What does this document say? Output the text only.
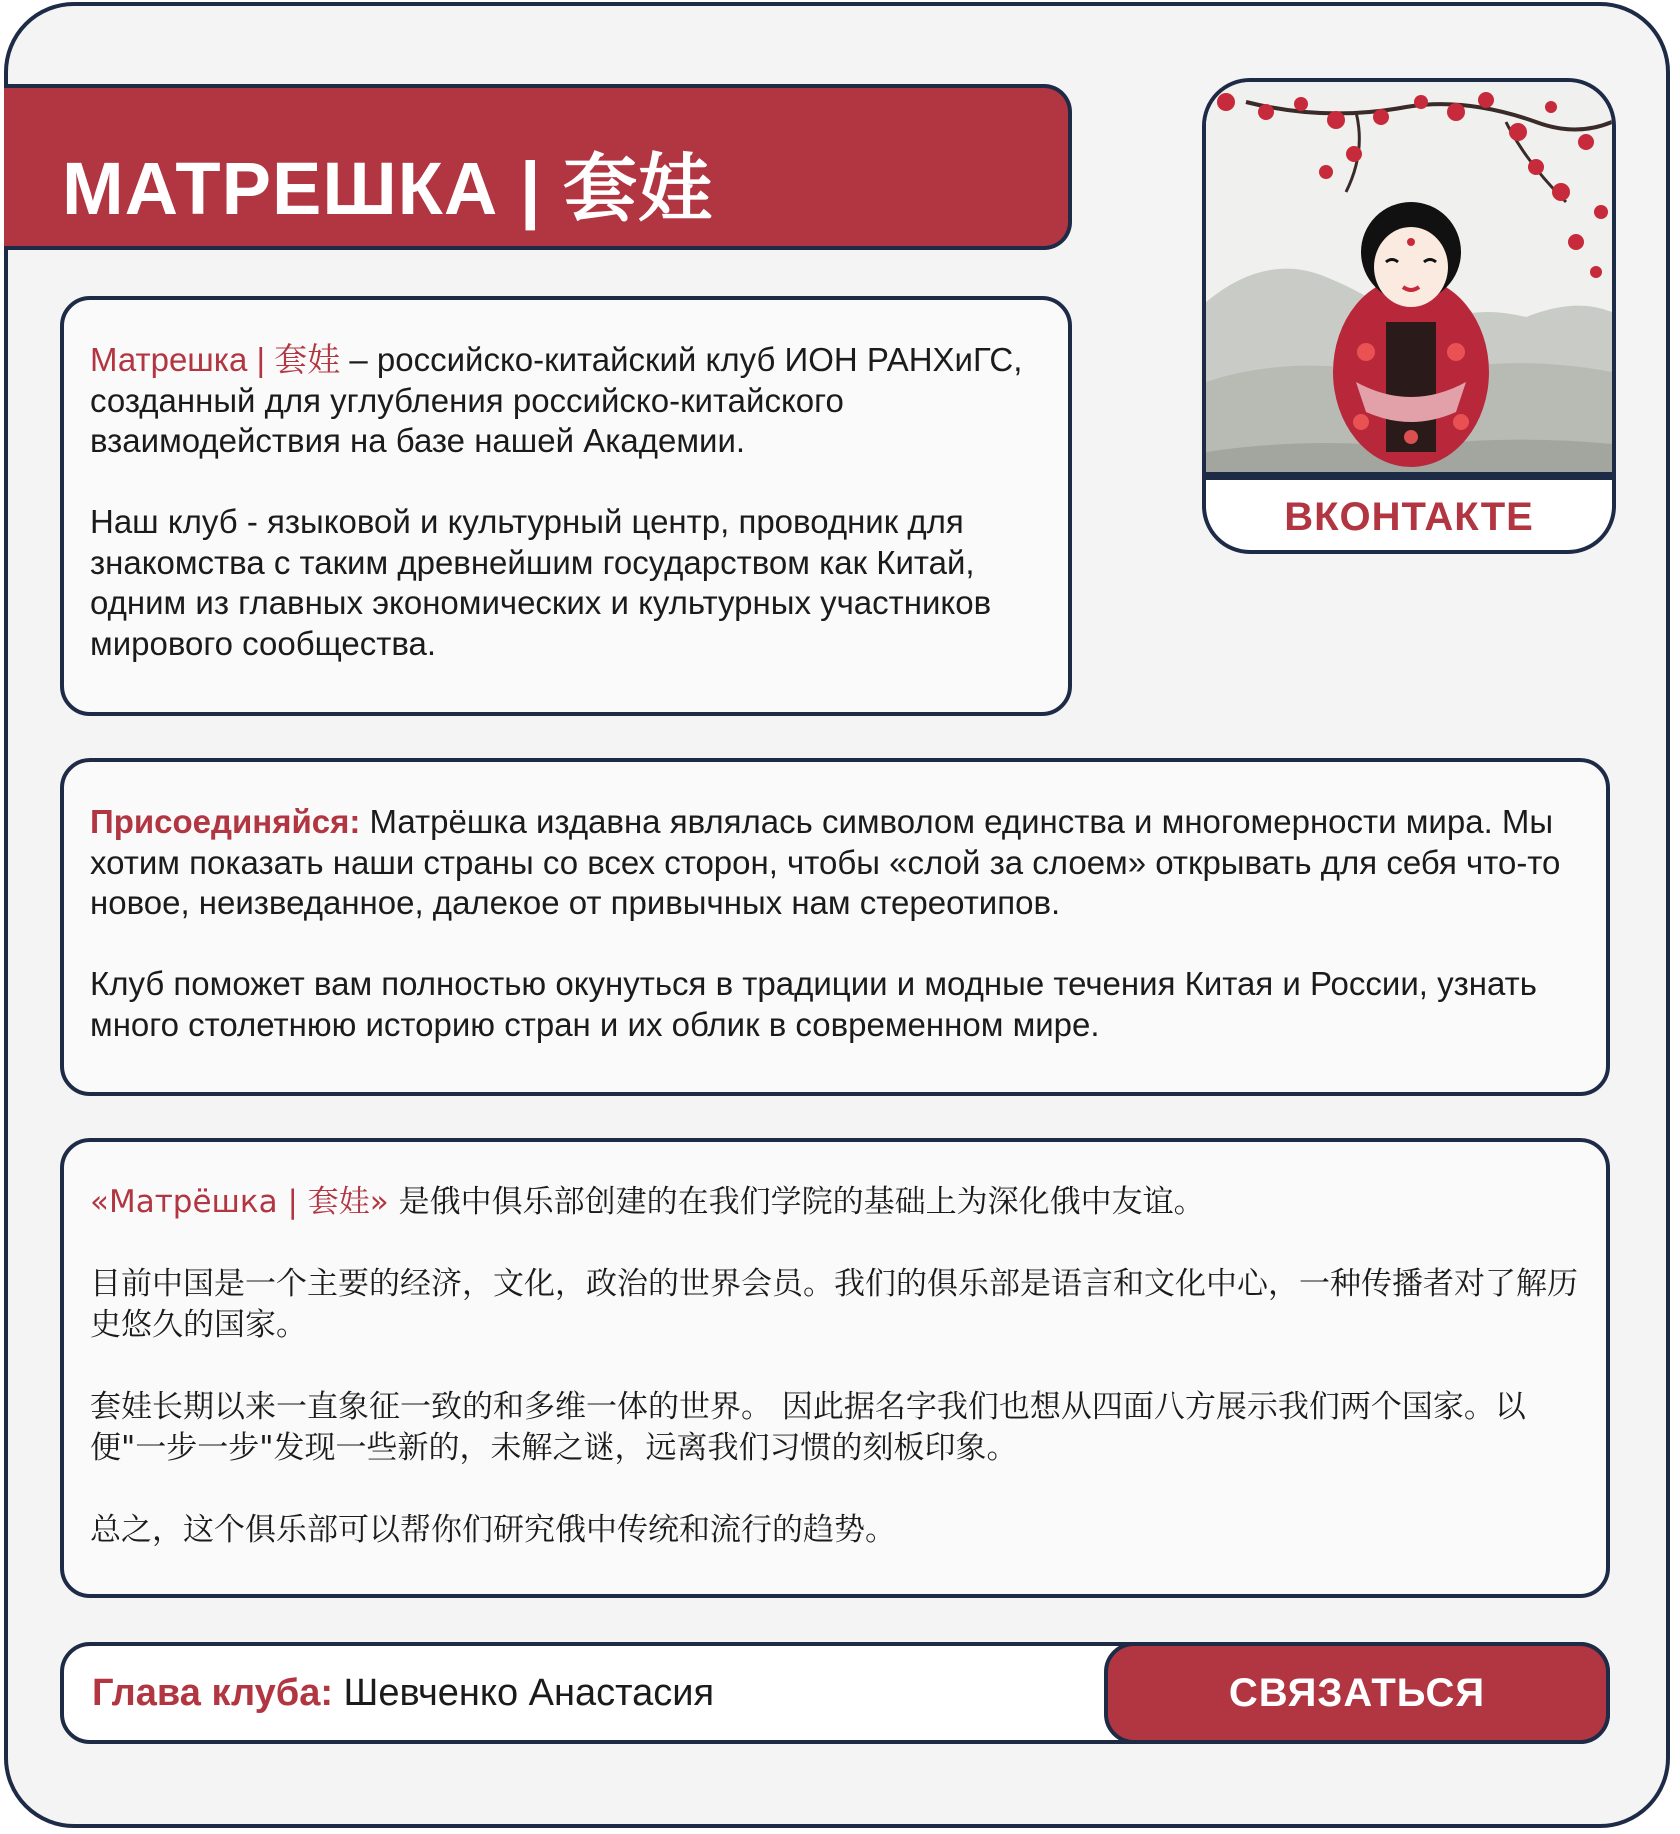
МАТРЕШКА | 套娃

Матрешка | 套娃 – российско-китайский клуб ИОН РАНХиГС, созданный для углубления российско-китайского взаимодействия на базе нашей Академии.

Наш клуб - языковой и культурный центр, проводник для знакомства с таким древнейшим государством как Китай, одним из главных экономических и культурных участников мирового сообщества.

ВКОНТАКТЕ

Присоединяйся: Матрёшка издавна являлась символом единства и многомерности мира. Мы хотим показать наши страны со всех сторон, чтобы «слой за слоем» открывать для себя что-то новое, неизведанное, далекое от привычных нам стереотипов.

Клуб поможет вам полностью окунуться в традиции и модные течения Китая и России, узнать много столетнюю историю стран и их облик в современном мире.

«Матрёшка | 套娃» 是俄中俱乐部创建的在我们学院的基础上为深化俄中友谊。

目前中国是一个主要的经济，文化，政治的世界会员。我们的俱乐部是语言和文化中心，一种传播者对了解历史悠久的国家。

套娃长期以来一直象征一致的和多维一体的世界。 因此据名字我们也想从四面八方展示我们两个国家。以便"一步一步"发现一些新的，未解之谜，远离我们习惯的刻板印象。

总之，这个俱乐部可以帮你们研究俄中传统和流行的趋势。

Глава клуба: Шевченко Анастасия	СВЯЗАТЬСЯ
